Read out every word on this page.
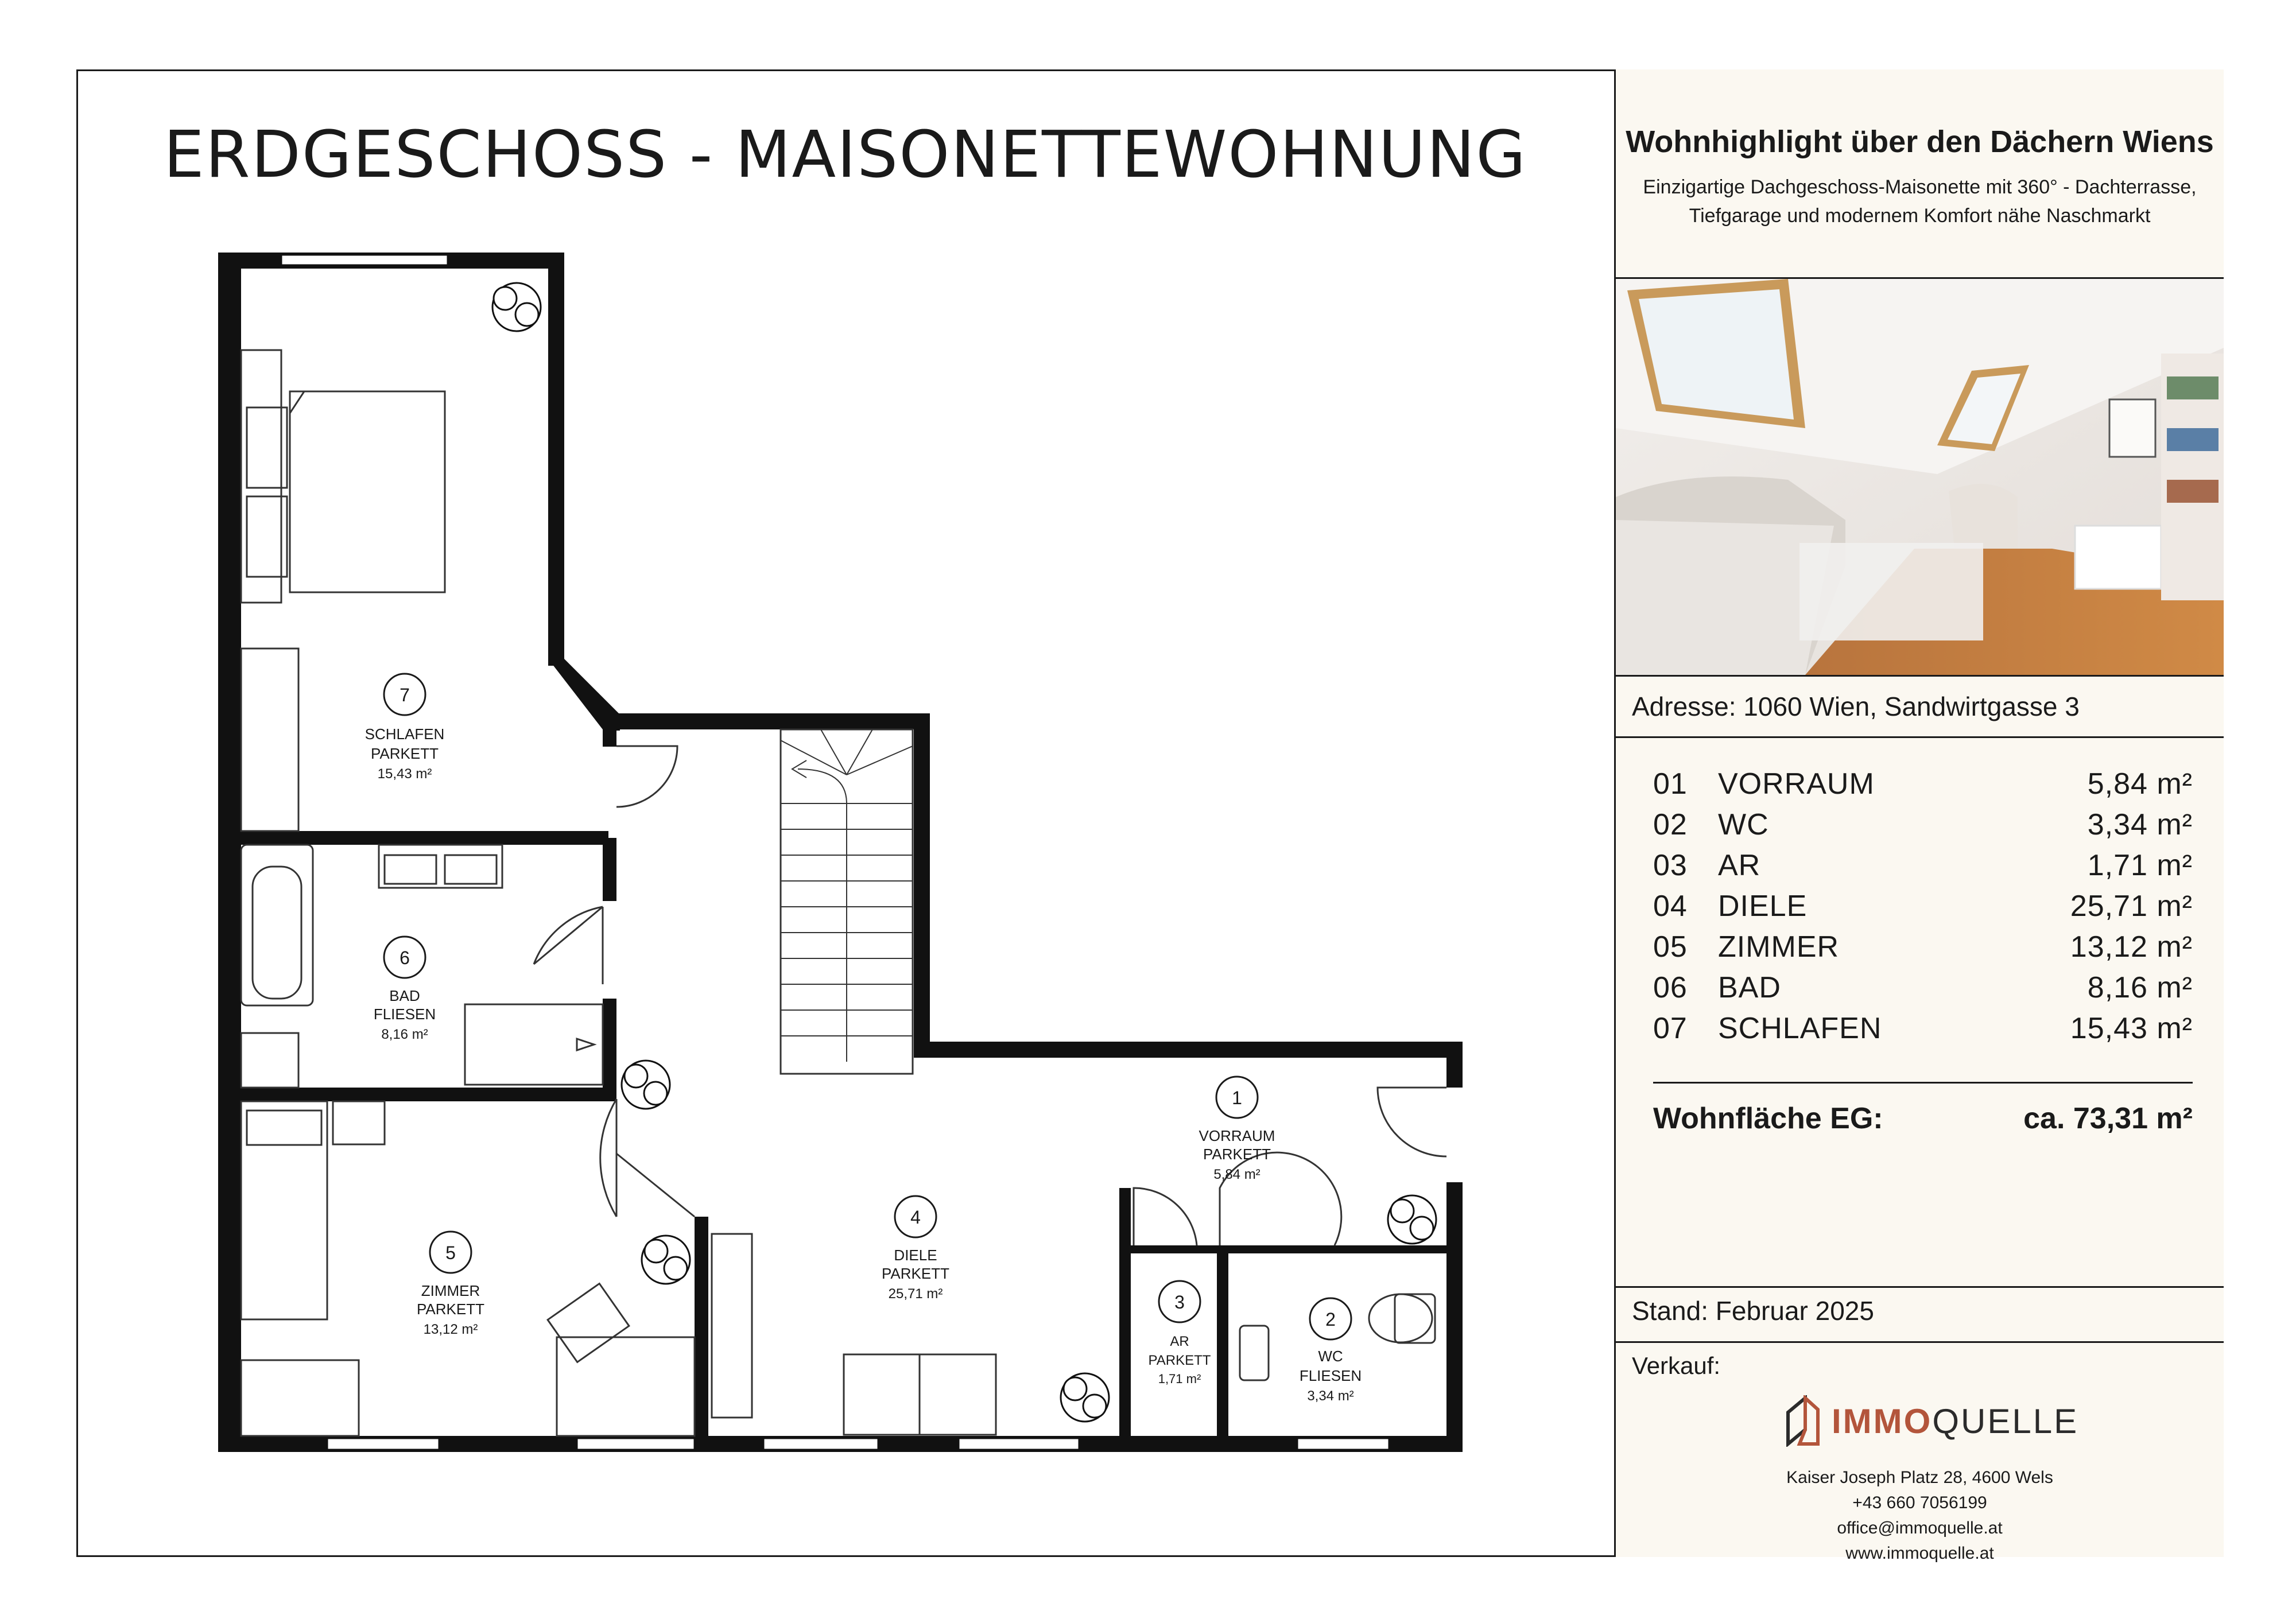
ERDGESCHOSS - MAISONETTEWOHNUNG
7
SCHLAFEN
PARKETT
15,43 m²
6
BAD
FLIESEN
8,16 m²
5
ZIMMER
PARKETT
13,12 m²
4
DIELE
PARKETT
25,71 m²
1
VORRAUM
PARKETT
5,84 m²
3
AR
PARKETT
1,71 m²
2
WC
FLIESEN
3,34 m²
Wohnhighlight über den Dächern Wiens
Einzigartige Dachgeschoss-Maisonette mit 360° - Dachterrasse,
Tiefgarage und modernem Komfort nähe Naschmarkt
Adresse: 1060 Wien, Sandwirtgasse 3
01 VORRAUM	5,84 m²
02 WC	3,34 m²
03 AR	1,71 m²
04 DIELE	25,71 m²
05 ZIMMER	13,12 m²
06 BAD	8,16 m²
07 SCHLAFEN	15,43 m²
Wohnfläche EG:	ca. 73,31 m²
Stand: Februar 2025
Verkauf:
IMMOQUELLE
Kaiser Joseph Platz 28, 4600 Wels
+43 660 7056199
office@immoquelle.at
www.immoquelle.at
